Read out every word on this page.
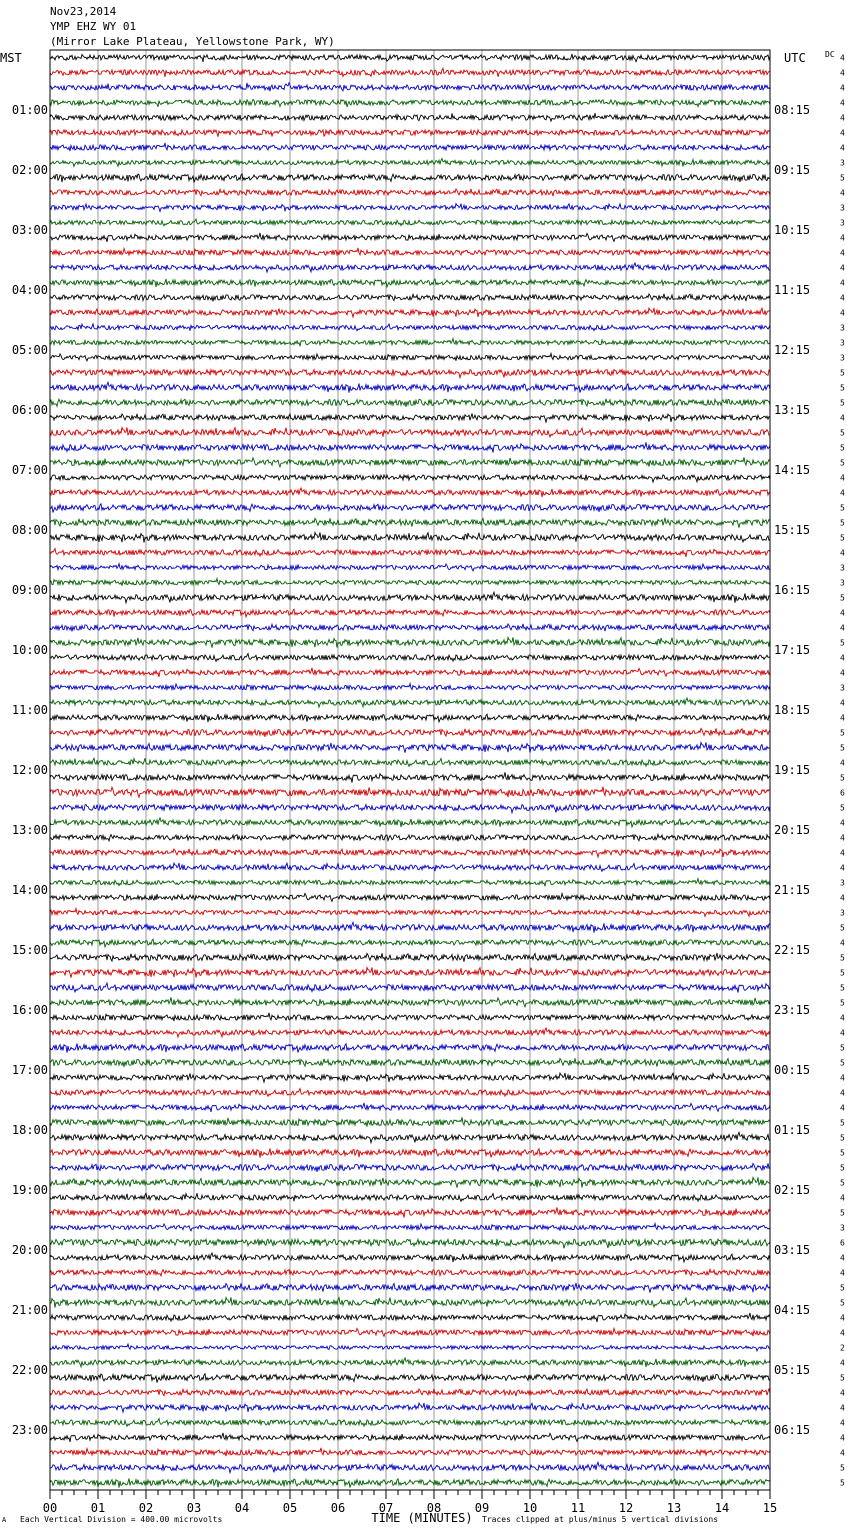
Nov23,2014
YMP EHZ WY 01
(Mirror Lake Plateau, Yellowstone Park, WY)
00	01	02	03	04	05	06	07	08	09	10	11	12	13	14	15
MST	UTC DC
TIME (MINUTES)
01:00
02:00
03:00
04:00
05:00
06:00
07:00
08:00
09:00
10:00
11:00
12:00
13:00
14:00
15:00
16:00
17:00
18:00
19:00
20:00
21:00
22:00
23:00
08:15
09:15
10:15
11:15
12:15
13:15
14:15
15:15
16:15
17:15
18:15
19:15
20:15
21:15
22:15
23:15
00:15
01:15
02:15
03:15
04:15
05:15
06:15
4
4
4
4
4
4
4
3
5
4
3
3
4
4
4
4
4
4
3
3
3
5
5
5
4
5
5
5
4
4
5
5
5
4
3
3
5
4
4
5
4
4
3
4
4
5
5
4
5
6
5
4
4
4
4
3
4
3
5
4
5
5
5
5
4
4
5
5
4
4
4
5
5
5
5
5
4
5
3
6
4
4
5
5
4
4
2
4
5
4
4
4
4
4
5
5
A Each Vertical Division = 400.00 microvolts	Traces clipped at plus/minus 5 vertical divisions
